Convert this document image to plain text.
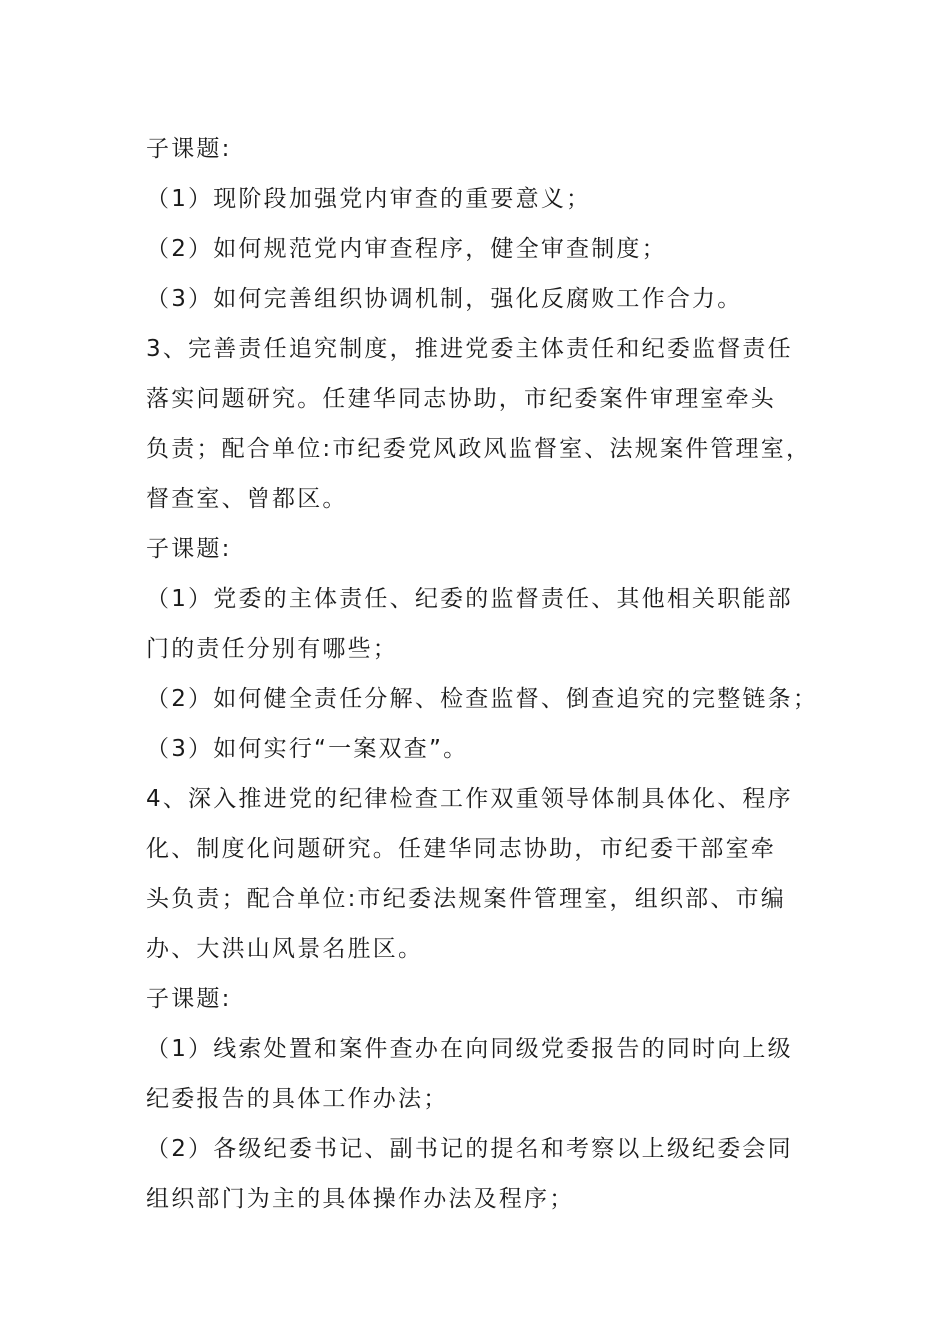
子课题:
（1）现阶段加强党内审查的重要意义；
（2）如何规范党内审查程序，健全审查制度；
（3）如何完善组织协调机制，强化反腐败工作合力。
3、完善责任追究制度，推进党委主体责任和纪委监督责任
落实问题研究。任建华同志协助，市纪委案件审理室牵头
负责；配合单位:市纪委党风政风监督室、法规案件管理室，
督查室、曾都区。
子课题:
（1）党委的主体责任、纪委的监督责任、其他相关职能部
门的责任分别有哪些；
（2）如何健全责任分解、检查监督、倒查追究的完整链条；
（3）如何实行“一案双查”。
4、深入推进党的纪律检查工作双重领导体制具体化、程序
化、制度化问题研究。任建华同志协助，市纪委干部室牵
头负责；配合单位:市纪委法规案件管理室，组织部、市编
办、大洪山风景名胜区。
子课题:
（1）线索处置和案件查办在向同级党委报告的同时向上级
纪委报告的具体工作办法；
（2）各级纪委书记、副书记的提名和考察以上级纪委会同
组织部门为主的具体操作办法及程序；
